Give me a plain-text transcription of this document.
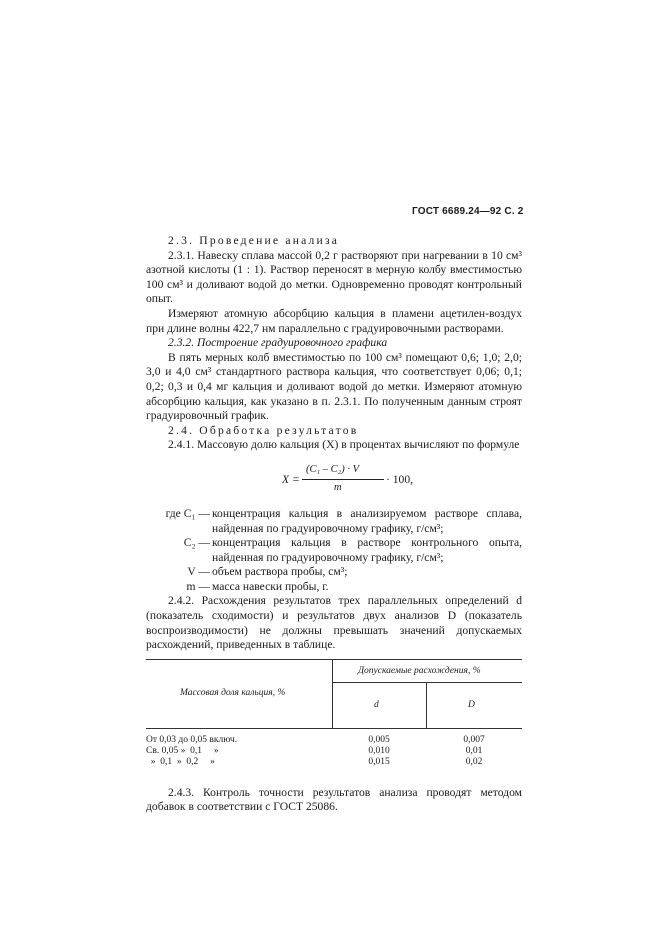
ГОСТ 6689.24—92 С. 2

2.3. Проведение анализа

2.3.1. Навеску сплава массой 0,2 г растворяют при нагревании в 10 см³ азотной кислоты (1 : 1). Раствор переносят в мерную колбу вместимостью 100 см³ и доливают водой до метки. Одновременно проводят контрольный опыт.

Измеряют атомную абсорбцию кальция в пламени ацетилен-воздух при длине волны 422,7 нм параллельно с градуировочными растворами.

2.3.2. Построение градуировочного графика

В пять мерных колб вместимостью по 100 см³ помещают 0,6; 1,0; 2,0; 3,0 и 4,0 см³ стандартного раствора кальция, что соответствует 0,06; 0,1; 0,2; 0,3 и 0,4 мг кальция и доливают водой до метки. Измеряют атомную абсорбцию кальция, как указано в п. 2.3.1. По полученным данным строят градуировочный график.

2.4. Обработка результатов

2.4.1. Массовую долю кальция (X) в процентах вычисляют по формуле

X =
(C₁ – C₂) · V
m
· 100,
где C₁ — концентрация кальция в анализируемом растворе сплава, найденная по градуировочному графику, г/см³;
C₂ — концентрация кальция в растворе контрольного опыта, найденная по градуировочному графику, г/см³;
V — объем раствора пробы, см³;
m — масса навески пробы, г.

2.4.2. Расхождения результатов трех параллельных определений d (показатель сходимости) и результатов двух анализов D (показатель воспроизводимости) не должны превышать значений допускаемых расхождений, приведенных в таблице.

Массовая доля кальция, %
Допускаемые расхождения, %
d	D
От 0,03 до 0,05 включ.	0,005	0,007
Св. 0,05 »  0,1     »	0,010	0,01
»  0,1  »  0,2     »	0,015	0,02

2.4.3. Контроль точности результатов анализа проводят методом добавок в соответствии с ГОСТ 25086.
